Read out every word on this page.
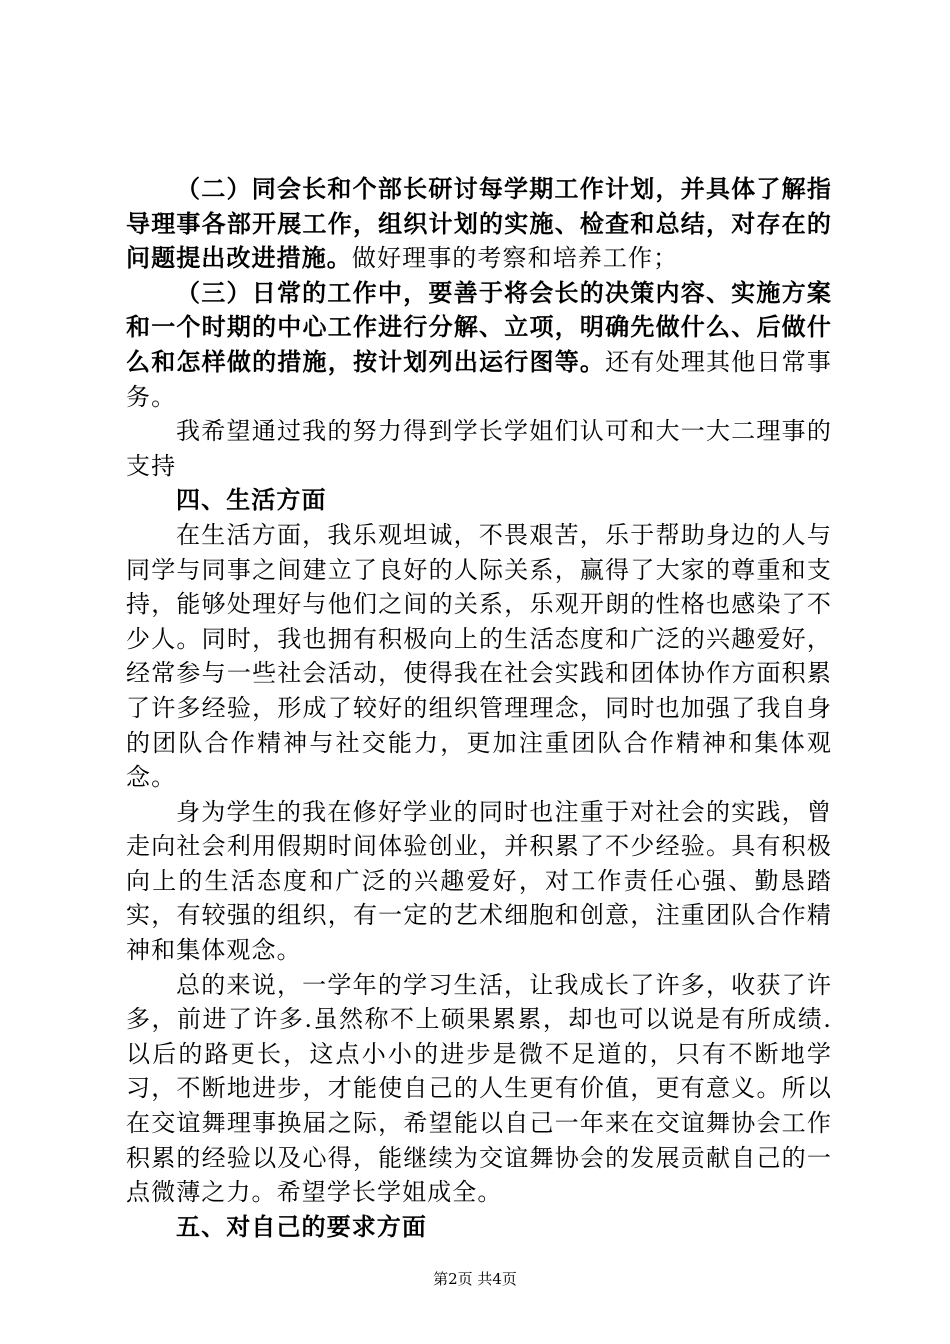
（二）同会长和个部长研讨每学期工作计划，并具体了解指导理事各部开展工作，组织计划的实施、检查和总结，对存在的问题提出改进措施。做好理事的考察和培养工作；

（三）日常的工作中，要善于将会长的决策内容、实施方案和一个时期的中心工作进行分解、立项，明确先做什么、后做什么和怎样做的措施，按计划列出运行图等。还有处理其他日常事务。

我希望通过我的努力得到学长学姐们认可和大一大二理事的支持

四、生活方面

在生活方面，我乐观坦诚，不畏艰苦，乐于帮助身边的人与同学与同事之间建立了良好的人际关系，赢得了大家的尊重和支持，能够处理好与他们之间的关系，乐观开朗的性格也感染了不少人。同时，我也拥有积极向上的生活态度和广泛的兴趣爱好，经常参与一些社会活动，使得我在社会实践和团体协作方面积累了许多经验，形成了较好的组织管理理念，同时也加强了我自身的团队合作精神与社交能力，更加注重团队合作精神和集体观念。

身为学生的我在修好学业的同时也注重于对社会的实践，曾走向社会利用假期时间体验创业，并积累了不少经验。具有积极向上的生活态度和广泛的兴趣爱好，对工作责任心强、勤恳踏实，有较强的组织，有一定的艺术细胞和创意，注重团队合作精神和集体观念。

总的来说，一学年的学习生活，让我成长了许多，收获了许多，前进了许多.虽然称不上硕果累累，却也可以说是有所成绩.以后的路更长，这点小小的进步是微不足道的，只有不断地学习，不断地进步，才能使自己的人生更有价值，更有意义。所以在交谊舞理事换届之际，希望能以自己一年来在交谊舞协会工作积累的经验以及心得，能继续为交谊舞协会的发展贡献自己的一点微薄之力。希望学长学姐成全。

五、对自己的要求方面

第2页 共4页
